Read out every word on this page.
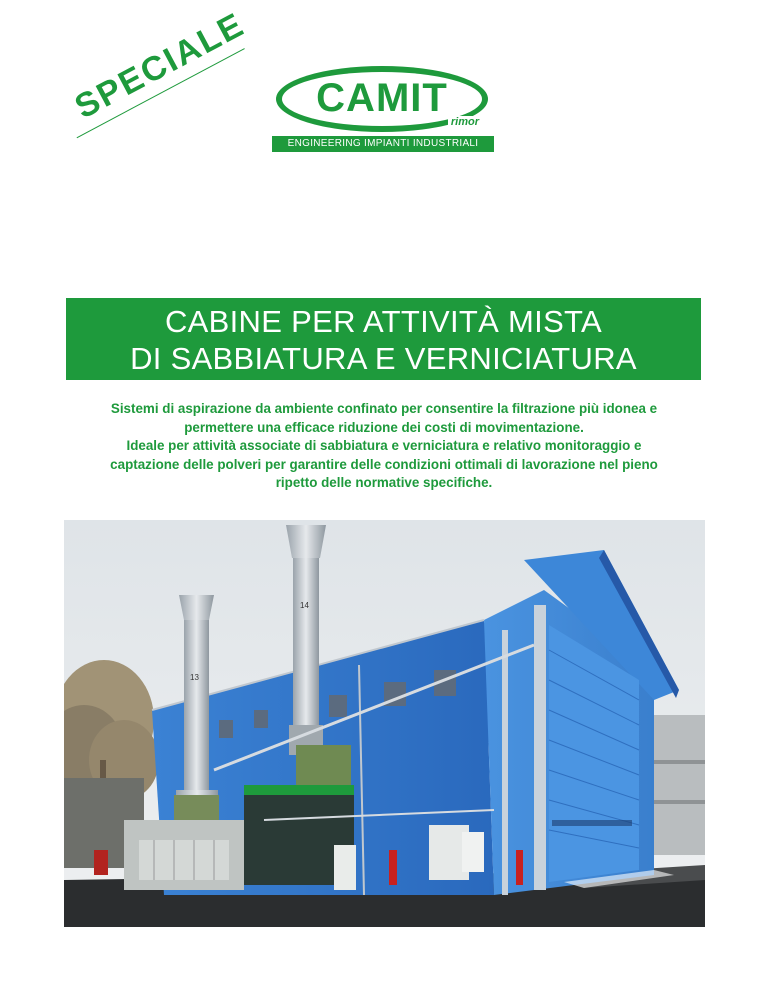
SPECIALE	CAMIT
rimor
ENGINEERING IMPIANTI INDUSTRIALI
CABINE PER ATTIVITÀ MISTA
DI SABBIATURA E VERNICIATURA
Sistemi di aspirazione da ambiente confinato per consentire la filtrazione più idonea e
permettere una efficace riduzione dei costi di movimentazione.
Ideale per attività associate di sabbiatura e verniciatura e relativo monitoraggio e
captazione delle polveri per garantire delle condizioni ottimali di lavorazione nel pieno
ripetto delle normative specifiche.
13
14
